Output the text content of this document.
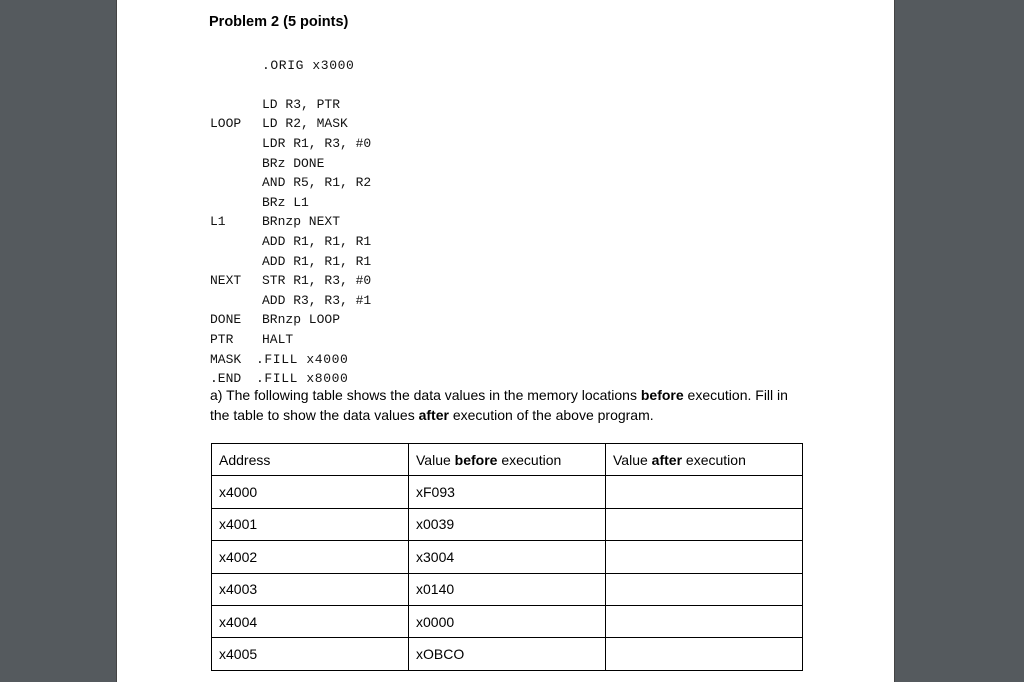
Problem 2 (5 points)

.ORIG x3000

LD R3, PTR

LD R2, MASK

LOOP

LDR R1, R3, #0

BRz DONE

AND R5, R1, R2

BRz L1

BRnzp NEXT

L1

ADD R1, R1, R1

ADD R1, R1, R1

STR R1, R3, #0

NEXT

ADD R3, R3, #1

BRnzp LOOP

DONE

HALT

PTR

.FILL x4000

MASK

.FILL x8000

.END

a) The following table shows the data values in the memory locations before execution. Fill in the table to show the data values after execution of the above program.
Address	Value before execution	Value after execution
x4000	xF093	
x4001	x0039	
x4002	x3004	
x4003	x0140	
x4004	x0000	
x4005	xOBCO	
